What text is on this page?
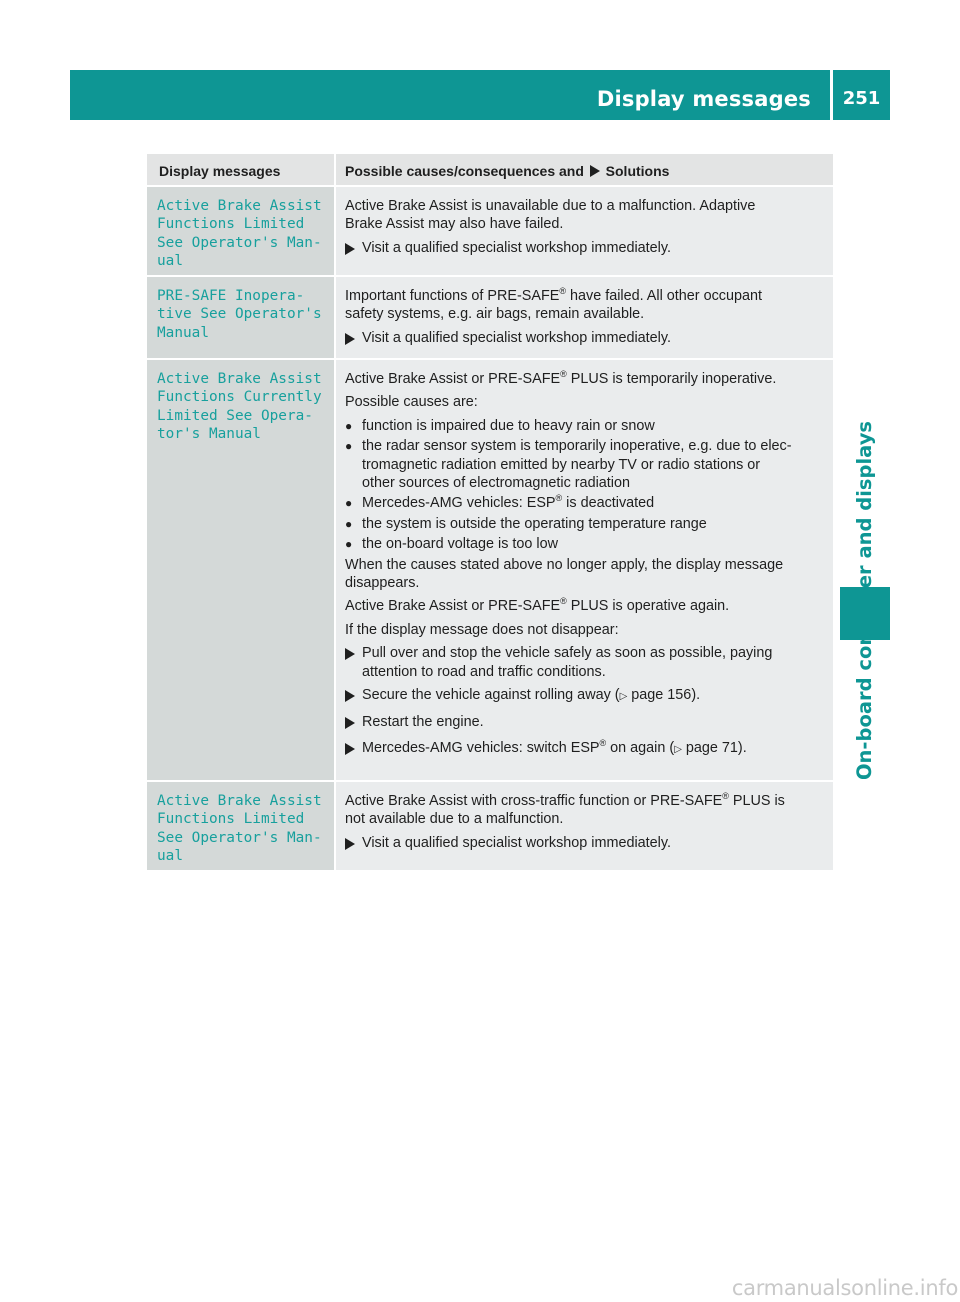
Display messages	251
Display messages	Possible causes/consequences and Solutions
Active Brake Assist
Functions Limited
See Operator's Man‐
ual
Active Brake Assist is unavailable due to a malfunction. Adaptive
Brake Assist may also have failed.
Visit a qualified specialist workshop immediately.
PRE-SAFE Inopera‐
tive See Operator's
Manual
Important functions of PRE-SAFE® have failed. All other occupant
safety systems, e.g. air bags, remain available.
Visit a qualified specialist workshop immediately.
Active Brake Assist
Functions Currently
Limited See Opera‐
tor's Manual
Active Brake Assist or PRE-SAFE® PLUS is temporarily inoperative.
Possible causes are:
● function is impaired due to heavy rain or snow
● the radar sensor system is temporarily inoperative, e.g. due to elec-
tromagnetic radiation emitted by nearby TV or radio stations or
other sources of electromagnetic radiation
● Mercedes-AMG vehicles: ESP® is deactivated
● the system is outside the operating temperature range
● the on-board voltage is too low
When the causes stated above no longer apply, the display message
disappears.
Active Brake Assist or PRE-SAFE® PLUS is operative again.
If the display message does not disappear:
Pull over and stop the vehicle safely as soon as possible, paying
attention to road and traffic conditions.
Secure the vehicle against rolling away (▷ page 156).
Restart the engine.
Mercedes-AMG vehicles: switch ESP® on again (▷ page 71).
Active Brake Assist
Functions Limited
See Operator's Man‐
ual
Active Brake Assist with cross-traffic function or PRE-SAFE® PLUS is
not available due to a malfunction.
Visit a qualified specialist workshop immediately.
carmanualsonline.info
